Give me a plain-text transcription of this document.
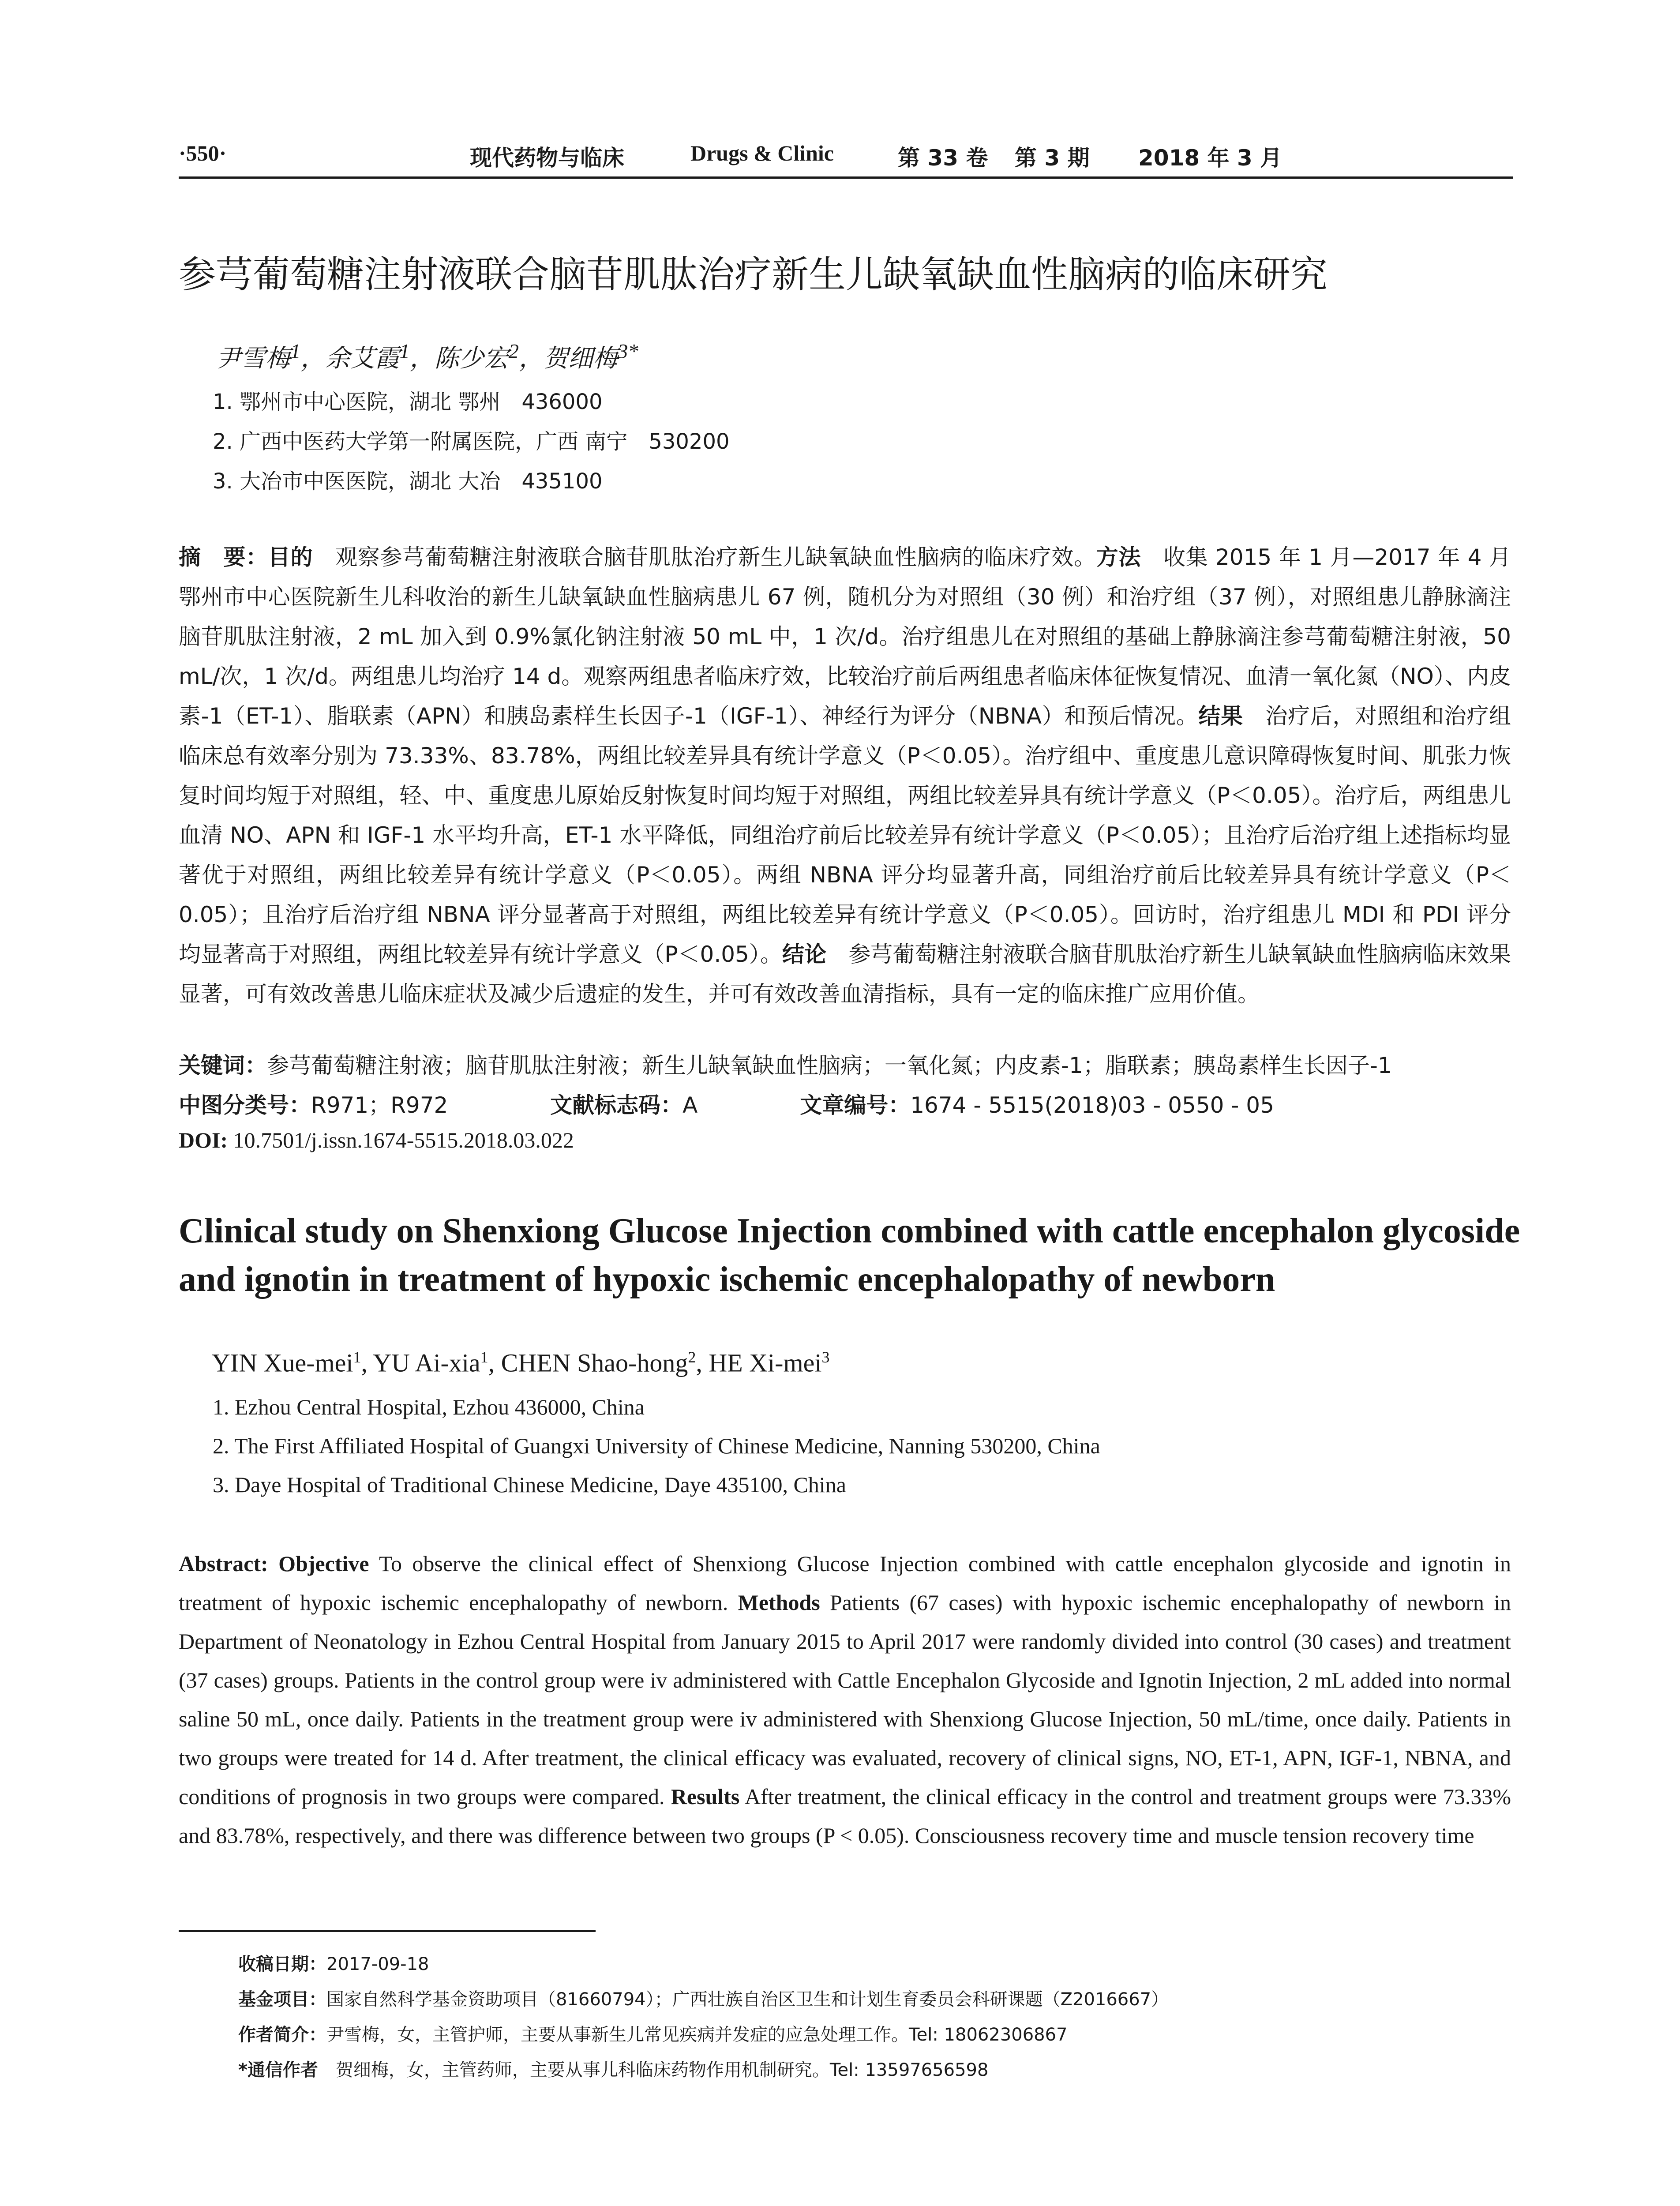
·550·	现代药物与临床	Drugs & Clinic	第 33 卷 第 3 期 2018 年 3 月
参芎葡萄糖注射液联合脑苷肌肽治疗新生儿缺氧缺血性脑病的临床研究
尹雪梅$^1$，余艾霞$^1$，陈少宏$^2$，贺细梅$^{3*}$
1. 鄂州市中心医院，湖北 鄂州　436000
2. 广西中医药大学第一附属医院，广西 南宁　530200
3. 大冶市中医医院，湖北 大冶　435100
摘　要：目的　观察参芎葡萄糖注射液联合脑苷肌肽治疗新生儿缺氧缺血性脑病的临床疗效。方法　收集 2015 年 1 月—2017 年 4 月鄂州市中心医院新生儿科收治的新生儿缺氧缺血性脑病患儿 67 例，随机分为对照组（30 例）和治疗组（37 例），对照组患儿静脉滴注脑苷肌肽注射液，2 mL 加入到 0.9%氯化钠注射液 50 mL 中，1 次/d。治疗组患儿在对照组的基础上静脉滴注参芎葡萄糖注射液，50 mL/次，1 次/d。两组患儿均治疗 14 d。观察两组患者临床疗效，比较治疗前后两组患者临床体征恢复情况、血清一氧化氮（NO）、内皮素-1（ET-1）、脂联素（APN）和胰岛素样生长因子-1（IGF-1）、神经行为评分（NBNA）和预后情况。结果　治疗后，对照组和治疗组临床总有效率分别为 73.33%、83.78%，两组比较差异具有统计学意义（P＜0.05）。治疗组中、重度患儿意识障碍恢复时间、肌张力恢复时间均短于对照组，轻、中、重度患儿原始反射恢复时间均短于对照组，两组比较差异具有统计学意义（P＜0.05）。治疗后，两组患儿血清 NO、APN 和 IGF-1 水平均升高，ET-1 水平降低，同组治疗前后比较差异有统计学意义（P＜0.05）；且治疗后治疗组上述指标均显著优于对照组，两组比较差异有统计学意义（P＜0.05）。两组 NBNA 评分均显著升高，同组治疗前后比较差异具有统计学意义（P＜0.05）；且治疗后治疗组 NBNA 评分显著高于对照组，两组比较差异有统计学意义（P＜0.05）。回访时，治疗组患儿 MDI 和 PDI 评分均显著高于对照组，两组比较差异有统计学意义（P＜0.05）。结论　参芎葡萄糖注射液联合脑苷肌肽治疗新生儿缺氧缺血性脑病临床效果显著，可有效改善患儿临床症状及减少后遗症的发生，并可有效改善血清指标，具有一定的临床推广应用价值。
关键词：参芎葡萄糖注射液；脑苷肌肽注射液；新生儿缺氧缺血性脑病；一氧化氮；内皮素-1；脂联素；胰岛素样生长因子-1
中图分类号：R971；R972	文献标志码：A	文章编号：1674 - 5515(2018)03 - 0550 - 05
DOI: 10.7501/j.issn.1674-5515.2018.03.022
Clinical study on Shenxiong Glucose Injection combined with cattle encephalon glycoside and ignotin in treatment of hypoxic ischemic encephalopathy of newborn
YIN Xue-mei$^1$, YU Ai-xia$^1$, CHEN Shao-hong$^2$, HE Xi-mei$^3$
1. Ezhou Central Hospital, Ezhou 436000, China
2. The First Affiliated Hospital of Guangxi University of Chinese Medicine, Nanning 530200, China
3. Daye Hospital of Traditional Chinese Medicine, Daye 435100, China
Abstract: Objective To observe the clinical effect of Shenxiong Glucose Injection combined with cattle encephalon glycoside and ignotin in treatment of hypoxic ischemic encephalopathy of newborn. Methods Patients (67 cases) with hypoxic ischemic encephalopathy of newborn in Department of Neonatology in Ezhou Central Hospital from January 2015 to April 2017 were randomly divided into control (30 cases) and treatment (37 cases) groups. Patients in the control group were iv administered with Cattle Encephalon Glycoside and Ignotin Injection, 2 mL added into normal saline 50 mL, once daily. Patients in the treatment group were iv administered with Shenxiong Glucose Injection, 50 mL/time, once daily. Patients in two groups were treated for 14 d. After treatment, the clinical efficacy was evaluated, recovery of clinical signs, NO, ET-1, APN, IGF-1, NBNA, and conditions of prognosis in two groups were compared. Results After treatment, the clinical efficacy in the control and treatment groups were 73.33% and 83.78%, respectively, and there was difference between two groups (P < 0.05). Consciousness recovery time and muscle tension recovery time
收稿日期：2017-09-18
基金项目：国家自然科学基金资助项目（81660794）；广西壮族自治区卫生和计划生育委员会科研课题（Z2016667）
作者简介：尹雪梅，女，主管护师，主要从事新生儿常见疾病并发症的应急处理工作。Tel: 18062306867
*通信作者　贺细梅，女，主管药师，主要从事儿科临床药物作用机制研究。Tel: 13597656598
